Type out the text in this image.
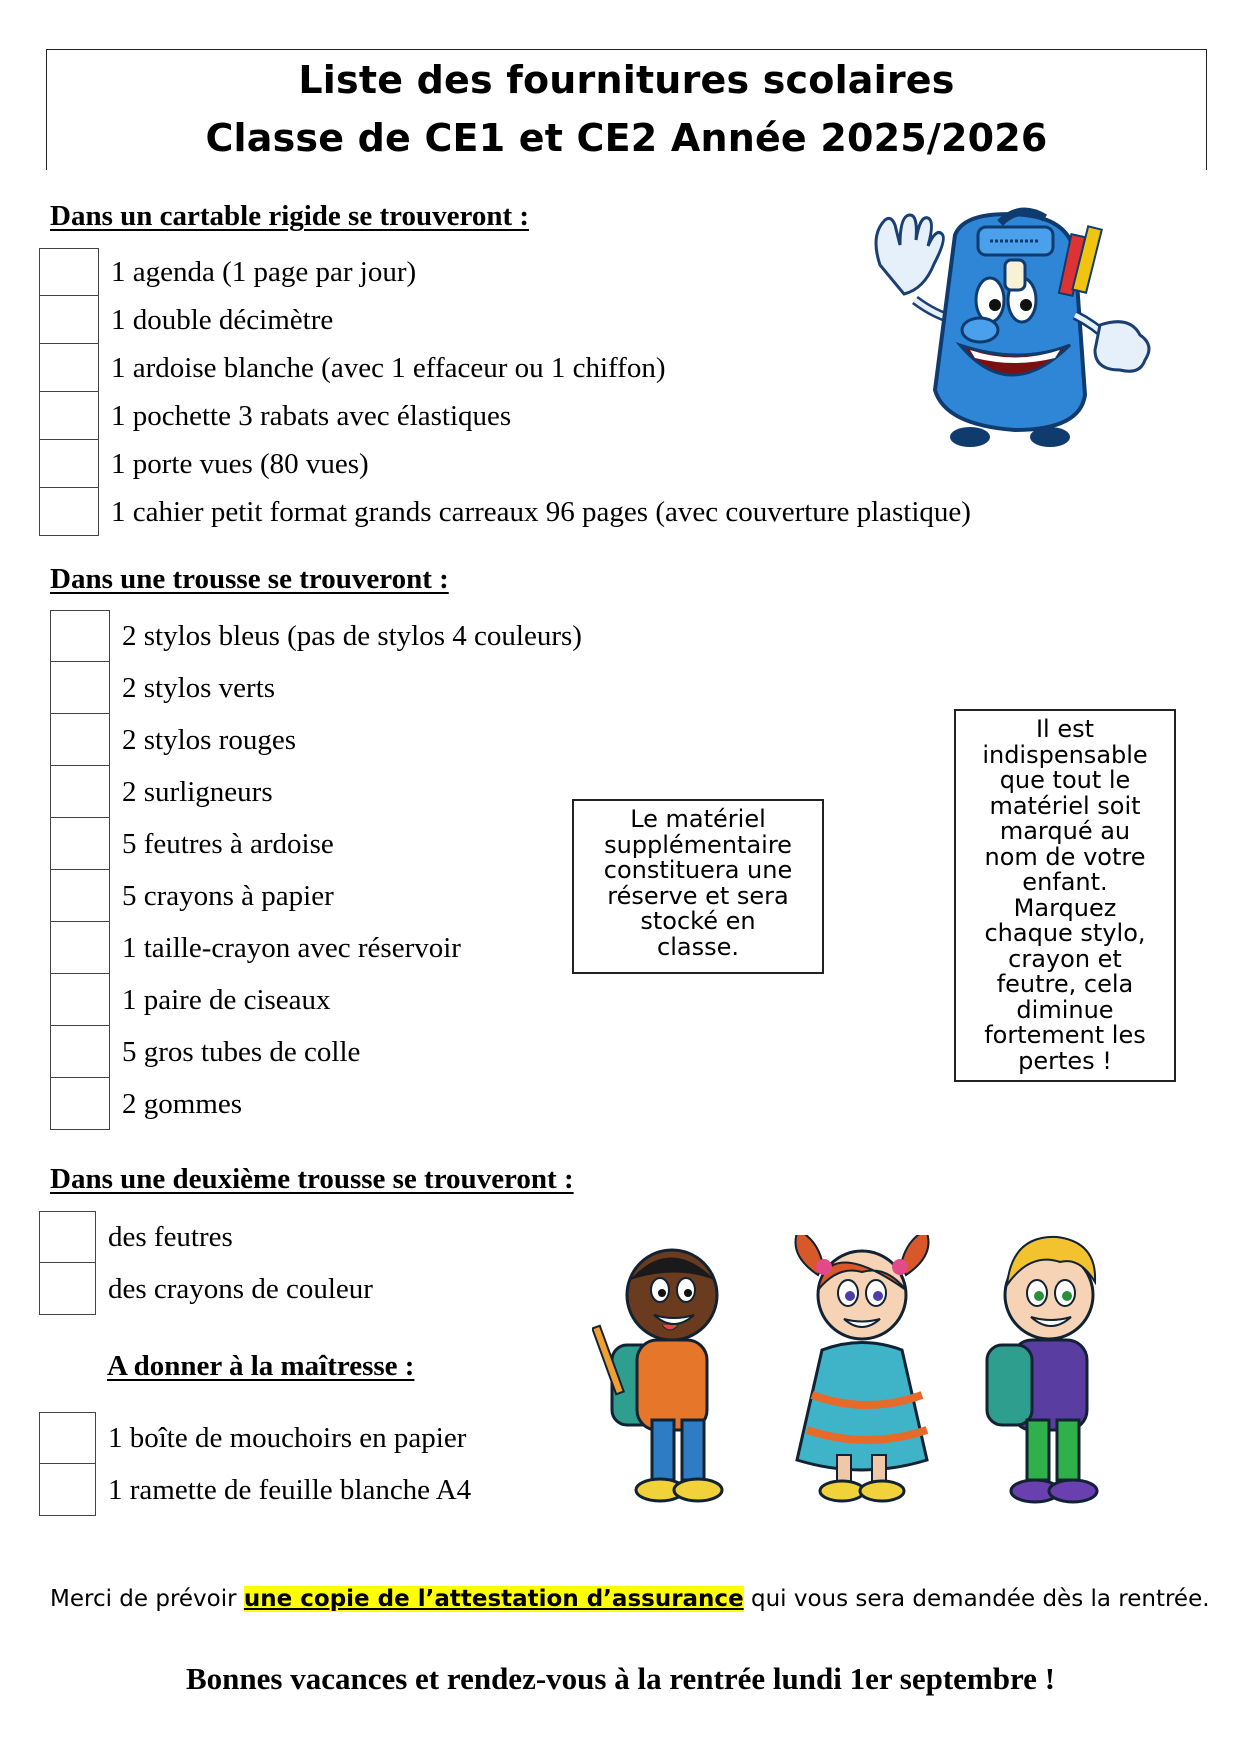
Liste des fournitures scolaires
Classe de CE1 et CE2 Année 2025/2026
Dans un cartable rigide se trouveront :
1 agenda (1 page par jour)
1 double décimètre
1 ardoise blanche (avec 1 effaceur ou 1 chiffon)
1 pochette 3 rabats avec élastiques
1 porte vues (80 vues)
1 cahier petit format grands carreaux 96 pages (avec couverture plastique)
Dans une trousse se trouveront :
2 stylos bleus (pas de stylos 4 couleurs)
2 stylos verts
2 stylos rouges
2 surligneurs
5 feutres à ardoise
5 crayons à papier
1 taille-crayon avec réservoir
1 paire de ciseaux
5 gros tubes de colle
2 gommes
Le matériel
supplémentaire
constituera une
réserve et sera
stocké en
classe.
Il est
indispensable
que tout le
matériel soit
marqué au
nom de votre
enfant.
Marquez
chaque stylo,
crayon et
feutre, cela
diminue
fortement les
pertes !
Dans une deuxième trousse se trouveront :
des feutres
des crayons de couleur
A donner à la maîtresse :
1 boîte de mouchoirs en papier
1 ramette de feuille blanche A4
Merci de prévoir une copie de l’attestation d’assurance qui vous sera demandée dès la rentrée.
Bonnes vacances et rendez-vous à la rentrée lundi 1er septembre !
